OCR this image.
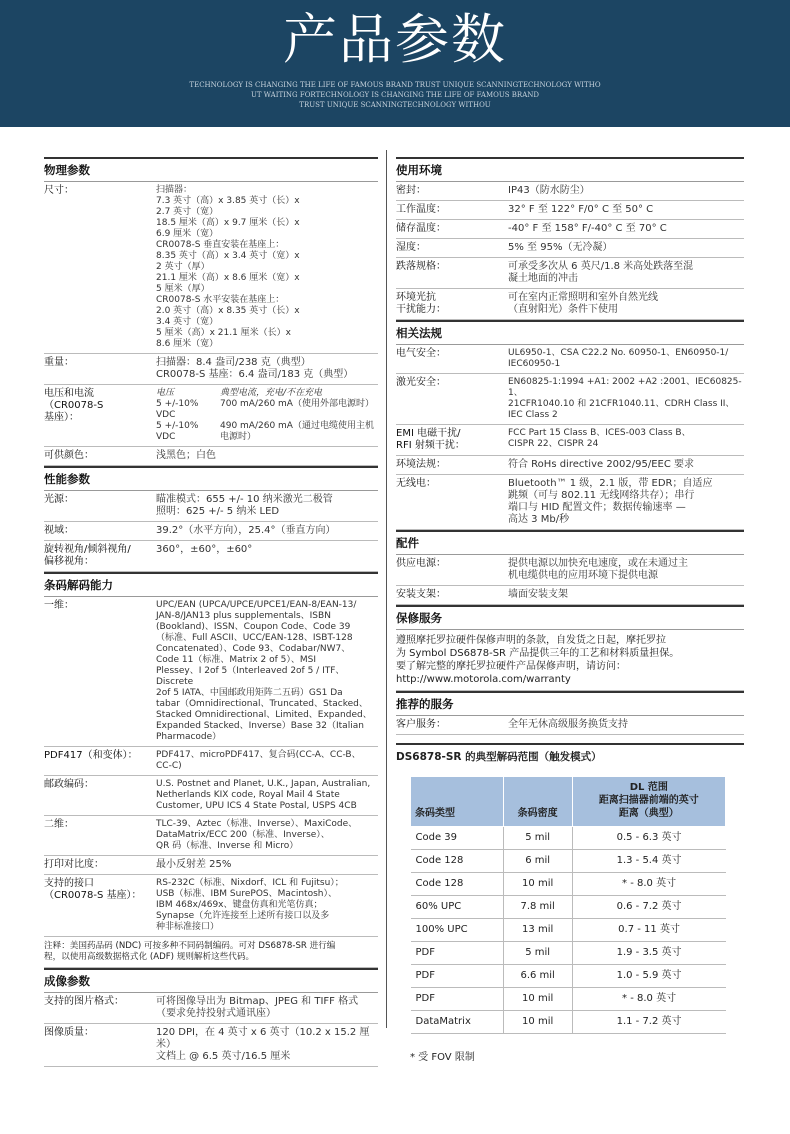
产品参数
TECHNOLOGY IS CHANGING THE LIFE OF FAMOUS BRAND TRUST UNIQUE SCANNINGTECHNOLOGY WITHO
UT WAITING FORTECHNOLOGY IS CHANGING THE LIFE OF FAMOUS BRAND
TRUST UNIQUE SCANNINGTECHNOLOGY WITHOU
物理参数
尺寸：	扫描器：
7.3 英寸（高）x 3.85 英寸（长）x
2.7 英寸（宽）
18.5 厘米（高）x 9.7 厘米（长）x
6.9 厘米（宽）
CR0078-S 垂直安装在基座上：
8.35 英寸（高）x 3.4 英寸（宽）x
2 英寸（厚）
21.1 厘米（高）x 8.6 厘米（宽）x
5 厘米（厚）
CR0078-S 水平安装在基座上：
2.0 英寸（高）x 8.35 英寸（长）x
3.4 英寸（宽）
5 厘米（高）x 21.1 厘米（长）x
8.6 厘米（宽）
重量：	扫描器：8.4 盎司/238 克（典型）
CR0078-S 基座：6.4 盎司/183 克（典型）
电压和电流
（CR0078-S
基座）：
电压	典型电流，充电/不在充电
5 +/-10% VDC
700 mA/260 mA（使用外部电源时）
5 +/-10% VDC
490 mA/260 mA（通过电缆使用主机电源时）
可供颜色：	浅黑色；白色
性能参数
光源：	瞄准模式：655 +/- 10 纳米激光二极管
照明：625 +/- 5 纳米 LED
视域：	39.2°（水平方向），25.4°（垂直方向）
旋转视角/倾斜视角/
偏移视角：
360°，±60°，±60°
条码解码能力
一维：	UPC/EAN (UPCA/UPCE/UPCE1/EAN-8/EAN-13/
JAN-8/JAN13 plus supplementals、ISBN
(Bookland)、ISSN、Coupon Code、Code 39
（标准、Full ASCII、UCC/EAN-128、ISBT-128
Concatenated）、Code 93、Codabar/NW7、
Code 11（标准、Matrix 2 of 5）、MSI
Plessey、I 2of 5（Interleaved 2of 5 / ITF、Discrete
2of 5 IATA、中国邮政用矩阵二五码）GS1 Da
tabar（Omnidirectional、Truncated、Stacked、
Stacked Omnidirectional、Limited、Expanded、
Expanded Stacked、Inverse）Base 32（Italian
Pharmacode）
PDF417（和变体）：	PDF417、microPDF417、复合码(CC-A、CC-B、
CC-C)
邮政编码：	U.S. Postnet and Planet, U.K., Japan, Australian,
Netherlands KIX code, Royal Mail 4 State
Customer, UPU ICS 4 State Postal, USPS 4CB
二维：	TLC-39、Aztec（标准、Inverse）、MaxiCode、
DataMatrix/ECC 200（标准、Inverse）、
QR 码（标准、Inverse 和 Micro）
打印对比度：	最小反射差 25%
支持的接口
（CR0078-S 基座）：
RS-232C（标准、Nixdorf、ICL 和 Fujitsu）；
USB（标准、IBM SurePOS、Macintosh）、
IBM 468x/469x、键盘仿真和光笔仿真；
Synapse（允许连接至上述所有接口以及多
种非标准接口）
注释：美国药品码 (NDC) 可按多种不同码制编码。可对 DS6878-SR 进行编
程，以使用高级数据格式化 (ADF) 规则解析这些代码。
成像参数
支持的图片格式：	可将图像导出为 Bitmap、JPEG 和 TIFF 格式
（要求免持投射式通讯座）
图像质量：	120 DPI，在 4 英寸 x 6 英寸（10.2 x 15.2 厘米）
文档上 @ 6.5 英寸/16.5 厘米
使用环境
密封：	IP43（防水防尘）
工作温度：	32° F 至 122° F/0° C 至 50° C
储存温度：	-40° F 至 158° F/-40° C 至 70° C
湿度：	5% 至 95%（无冷凝）
跌落规格：	可承受多次从 6 英尺/1.8 米高处跌落至混
凝土地面的冲击
环境光抗
干扰能力：
可在室内正常照明和室外自然光线
（直射阳光）条件下使用
相关法规
电气安全：	UL6950-1、CSA C22.2 No. 60950-1、EN60950-1/
IEC60950-1
激光安全：	EN60825-1:1994 +A1: 2002 +A2 :2001、IEC60825-1、
21CFR1040.10 和 21CFR1040.11、CDRH Class II、
IEC Class 2
EMI 电磁干扰/
RFI 射频干扰：
FCC Part 15 Class B、ICES-003 Class B、
CISPR 22、CISPR 24
环境法规：	符合 RoHs directive 2002/95/EEC 要求
无线电：	Bluetooth™ 1 级，2.1 版，带 EDR；自适应
跳频（可与 802.11 无线网络共存）；串行
端口与 HID 配置文件；数据传输速率 —
高达 3 Mb/秒
配件
供应电源：	提供电源以加快充电速度，或在未通过主
机电缆供电的应用环境下提供电源
安装支架：	墙面安装支架
保修服务
遵照摩托罗拉硬件保修声明的条款，自发货之日起，摩托罗拉
为 Symbol DS6878-SR 产品提供三年的工艺和材料质量担保。
要了解完整的摩托罗拉硬件产品保修声明，请访问：
http://www.motorola.com/warranty
推荐的服务
客户服务：	全年无休高级服务换货支持
DS6878-SR 的典型解码范围（触发模式）
条码类型	条码密度	DL 范围
距离扫描器前端的英寸
距离（典型）

Code 39	5 mil	0.5 - 6.3 英寸
Code 128	6 mil	1.3 - 5.4 英寸
Code 128	10 mil	* - 8.0 英寸
60% UPC	7.8 mil	0.6 - 7.2 英寸
100% UPC	13 mil	0.7 - 11 英寸
PDF	5 mil	1.9 - 3.5 英寸
PDF	6.6 mil	1.0 - 5.9 英寸
PDF	10 mil	* - 8.0 英寸
DataMatrix	10 mil	1.1 - 7.2 英寸
* 受 FOV 限制
